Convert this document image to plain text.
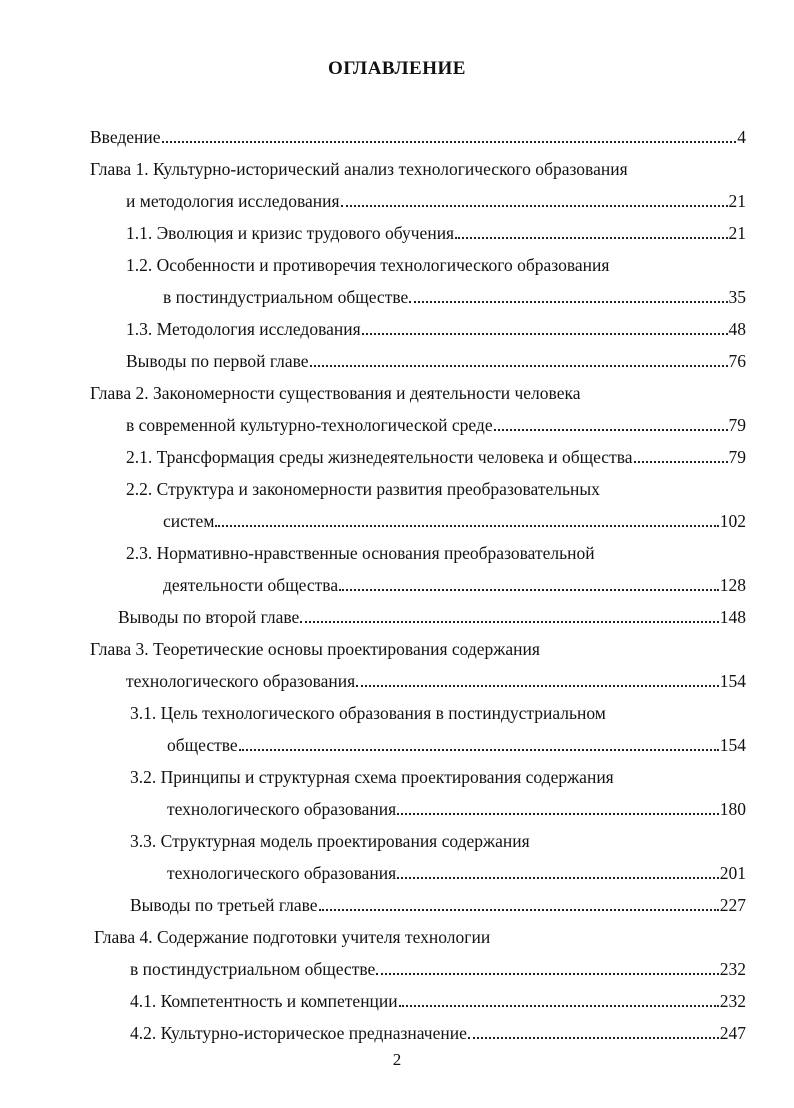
ОГЛАВЛЕНИЕ
Введение	4
Глава 1. Культурно-исторический анализ технологического образования
и методология исследования	21
1.1. Эволюция и кризис трудового обучения	21
1.2. Особенности и противоречия технологического образования
в постиндустриальном обществе	35
1.3. Методология исследования	48
Выводы по первой главе	76
Глава 2. Закономерности существования и деятельности человека
в современной культурно-технологической среде	79
2.1. Трансформация среды жизнедеятельности человека и общества	79
2.2. Структура и закономерности развития преобразовательных
систем	102
2.3. Нормативно-нравственные основания преобразовательной
деятельности общества	128
Выводы по второй главе	148
Глава 3. Теоретические основы проектирования содержания
технологического образования	154
3.1. Цель технологического образования в постиндустриальном
обществе	154
3.2. Принципы и структурная схема проектирования содержания
технологического образования	180
3.3. Структурная модель проектирования содержания
технологического образования	201
Выводы по третьей главе	227
Глава 4. Содержание подготовки учителя технологии
в постиндустриальном обществе	232
4.1. Компетентность и компетенции	232
4.2. Культурно-историческое предназначение	247
2
